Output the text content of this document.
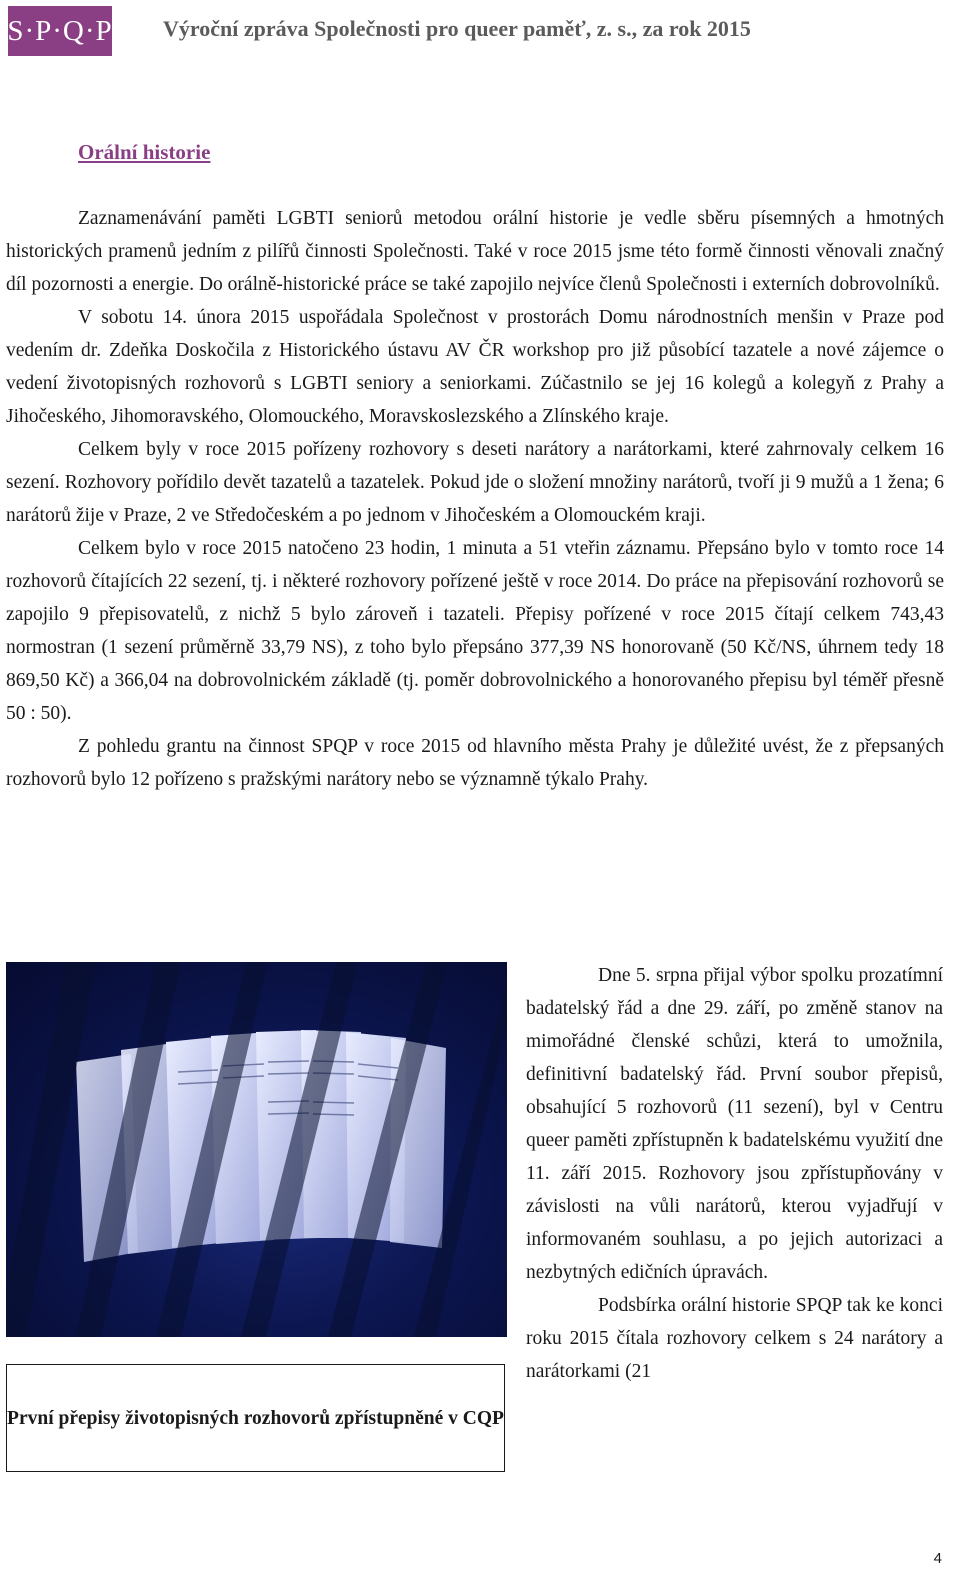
S·P·Q·P Výroční zpráva Společnosti pro queer paměť, z. s., za rok 2015
Orální historie

Zaznamenávání paměti LGBTI seniorů metodou orální historie je vedle sběru písemných a hmotných historických pramenů jedním z pilířů činnosti Společnosti. Také v roce 2015 jsme této formě činnosti věnovali značný díl pozornosti a energie. Do orálně-historické práce se také zapojilo nejvíce členů Společnosti i externích dobrovolníků.

V sobotu 14. února 2015 uspořádala Společnost v prostorách Domu národnostních menšin v Praze pod vedením dr. Zdeňka Doskočila z Historického ústavu AV ČR workshop pro již působící tazatele a nové zájemce o vedení životopisných rozhovorů s LGBTI seniory a seniorkami. Zúčastnilo se jej 16 kolegů a kolegyň z Prahy a Jihočeského, Jihomoravského, Olomouckého, Moravskoslezského a Zlínského kraje.

Celkem byly v roce 2015 pořízeny rozhovory s deseti narátory a narátorkami, které zahrnovaly celkem 16 sezení. Rozhovory pořídilo devět tazatelů a tazatelek. Pokud jde o složení množiny narátorů, tvoří ji 9 mužů a 1 žena; 6 narátorů žije v Praze, 2 ve Středočeském a po jednom v Jihočeském a Olomouckém kraji.

Celkem bylo v roce 2015 natočeno 23 hodin, 1 minuta a 51 vteřin záznamu. Přepsáno bylo v tomto roce 14 rozhovorů čítajících 22 sezení, tj. i některé rozhovory pořízené ještě v roce 2014. Do práce na přepisování rozhovorů se zapojilo 9 přepisovatelů, z nichž 5 bylo zároveň i tazateli. Přepisy pořízené v roce 2015 čítají celkem 743,43 normostran (1 sezení průměrně 33,79 NS), z toho bylo přepsáno 377,39 NS honorovaně (50 Kč/NS, úhrnem tedy 18 869,50 Kč) a 366,04 na dobrovolnickém základě (tj. poměr dobrovolnického a honorovaného přepisu byl téměř přesně 50 : 50).

Z pohledu grantu na činnost SPQP v roce 2015 od hlavního města Prahy je důležité uvést, že z přepsaných rozhovorů bylo 12 pořízeno s pražskými narátory nebo se významně týkalo Prahy.

První přepisy životopisných rozhovorů zpřístupněné v CQP

Dne 5. srpna přijal výbor spolku prozatímní badatelský řád a dne 29. září, po změně stanov na mimořádné členské schůzi, která to umožnila, definitivní badatelský řád. První soubor přepisů, obsahující 5 rozhovorů (11 sezení), byl v Centru queer paměti zpřístupněn k badatelskému využití dne 11. září 2015. Rozhovory jsou zpřístupňovány v závislosti na vůli narátorů, kterou vyjadřují v informovaném souhlasu, a po jejich autorizaci a nezbytných edičních úpravách.

Podsbírka orální historie SPQP tak ke konci roku 2015 čítala rozhovory celkem s 24 narátory a narátorkami (21

4
